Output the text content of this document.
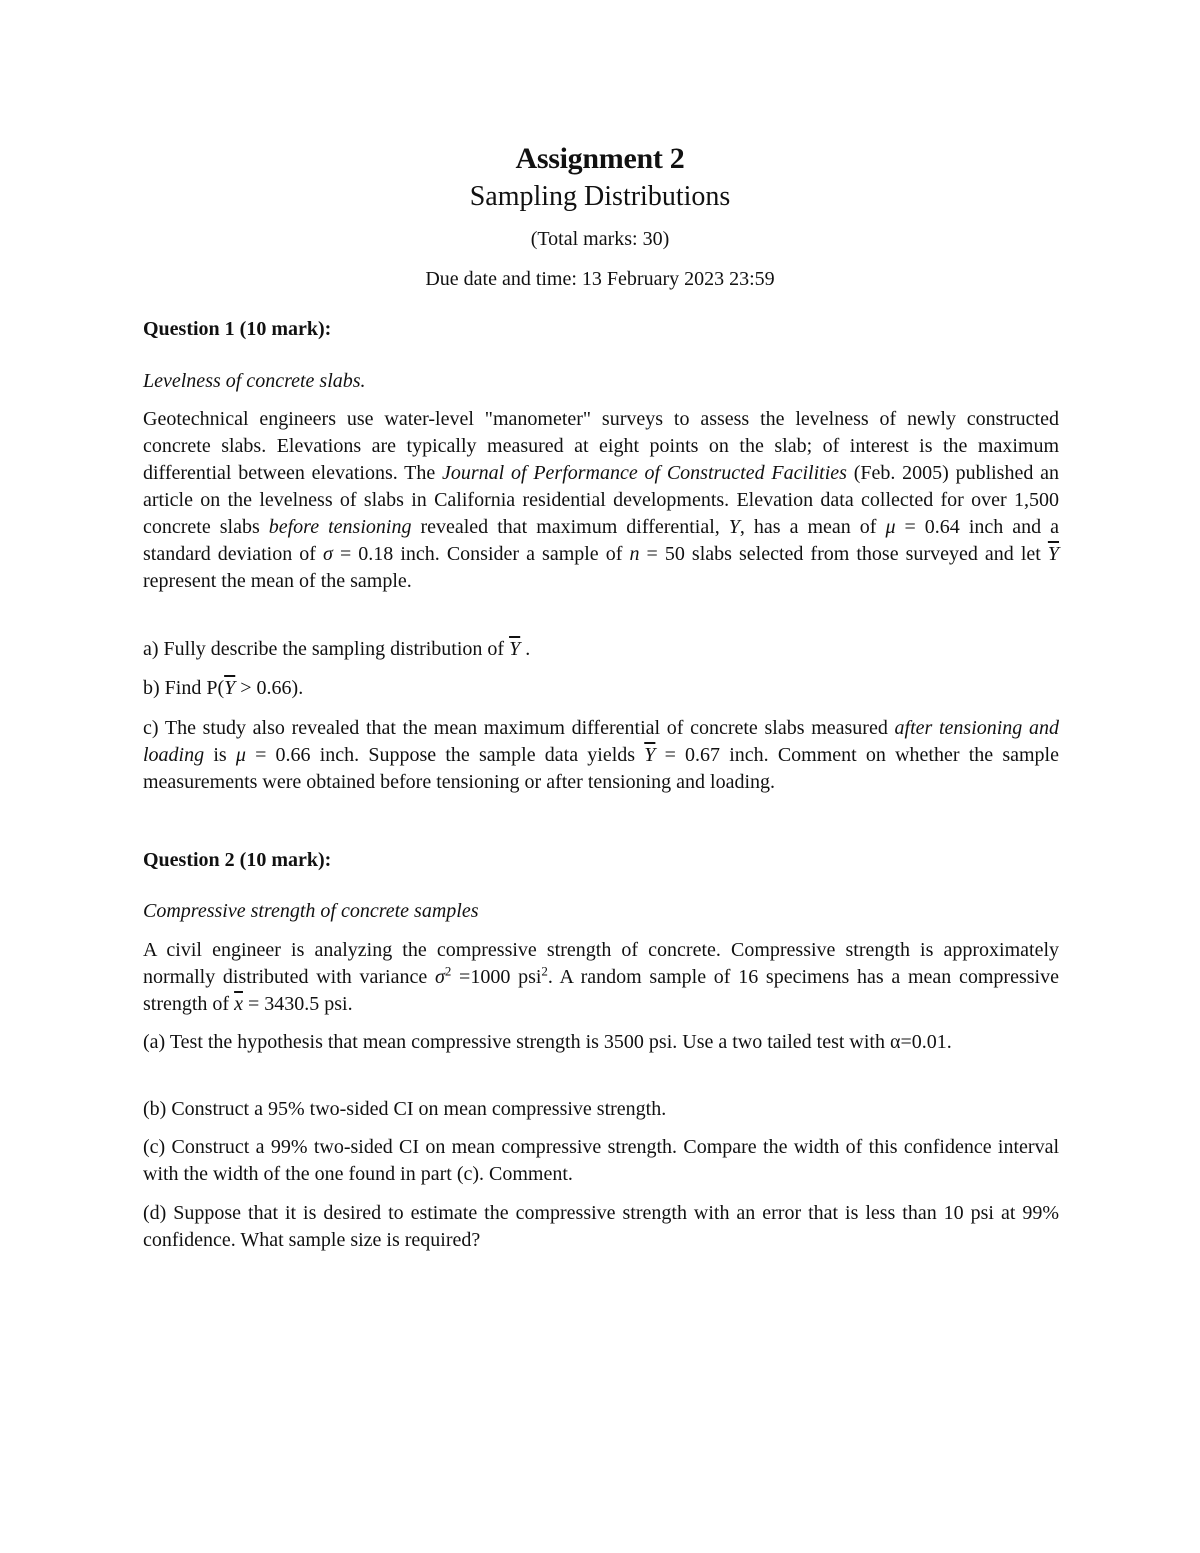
Assignment 2
Sampling Distributions
(Total marks: 30)
Due date and time: 13 February 2023 23:59
Question 1 (10 mark):
Levelness of concrete slabs.
Geotechnical engineers use water-level "manometer" surveys to assess the levelness of newly constructed concrete slabs. Elevations are typically measured at eight points on the slab; of interest is the maximum differential between elevations. The Journal of Performance of Constructed Facilities (Feb. 2005) published an article on the levelness of slabs in California residential developments. Elevation data collected for over 1,500 concrete slabs before tensioning revealed that maximum differential, Y, has a mean of μ = 0.64 inch and a standard deviation of σ = 0.18 inch. Consider a sample of n = 50 slabs selected from those surveyed and let $\overline{Y}$ represent the mean of the sample.
a) Fully describe the sampling distribution of $\overline{Y}$ .
b) Find $P(\overline{Y} > 0.66)$.
c) The study also revealed that the mean maximum differential of concrete slabs measured after tensioning and loading is μ = 0.66 inch. Suppose the sample data yields $\overline{Y} = 0.67$ inch. Comment on whether the sample measurements were obtained before tensioning or after tensioning and loading.
Question 2 (10 mark):
Compressive strength of concrete samples
A civil engineer is analyzing the compressive strength of concrete. Compressive strength is approximately normally distributed with variance $\sigma^2 =1000$ psi$^2$. A random sample of 16 specimens has a mean compressive strength of $\overline{x} = 3430.5$ psi.
(a) Test the hypothesis that mean compressive strength is 3500 psi. Use a two tailed test with α=0.01.
(b) Construct a 95% two-sided CI on mean compressive strength.
(c) Construct a 99% two-sided CI on mean compressive strength. Compare the width of this confidence interval with the width of the one found in part (c). Comment.
(d) Suppose that it is desired to estimate the compressive strength with an error that is less than 10 psi at 99% confidence. What sample size is required?
